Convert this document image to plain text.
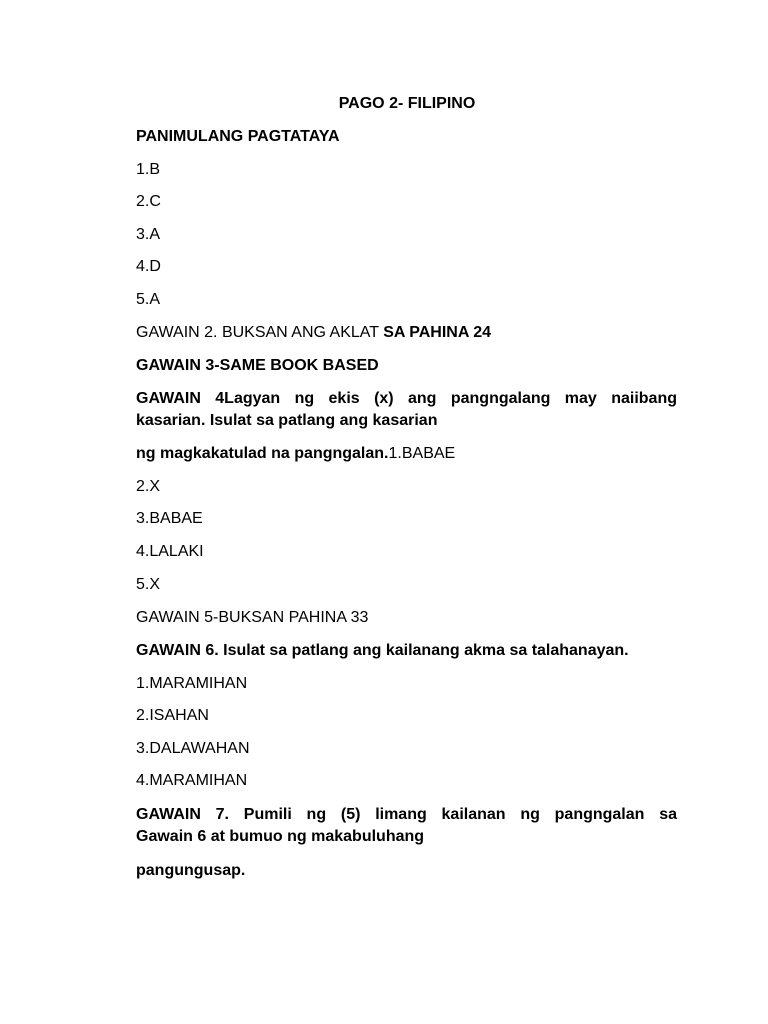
PAGO 2- FILIPINO
PANIMULANG PAGTATAYA
1.B
2.C
3.A
4.D
5.A
GAWAIN 2. BUKSAN ANG AKLAT SA PAHINA 24
GAWAIN 3-SAME BOOK BASED
GAWAIN 4Lagyan ng ekis (x) ang pangngalang may naiibang
kasarian. Isulat sa patlang ang kasarian
ng magkakatulad na pangngalan.1.BABAE
2.X
3.BABAE
4.LALAKI
5.X
GAWAIN 5-BUKSAN PAHINA 33
GAWAIN 6. Isulat sa patlang ang kailanang akma sa talahanayan.
1.MARAMIHAN
2.ISAHAN
3.DALAWAHAN
4.MARAMIHAN
GAWAIN 7. Pumili ng (5) limang kailanan ng pangngalan sa
Gawain 6 at bumuo ng makabuluhang
pangungusap.
